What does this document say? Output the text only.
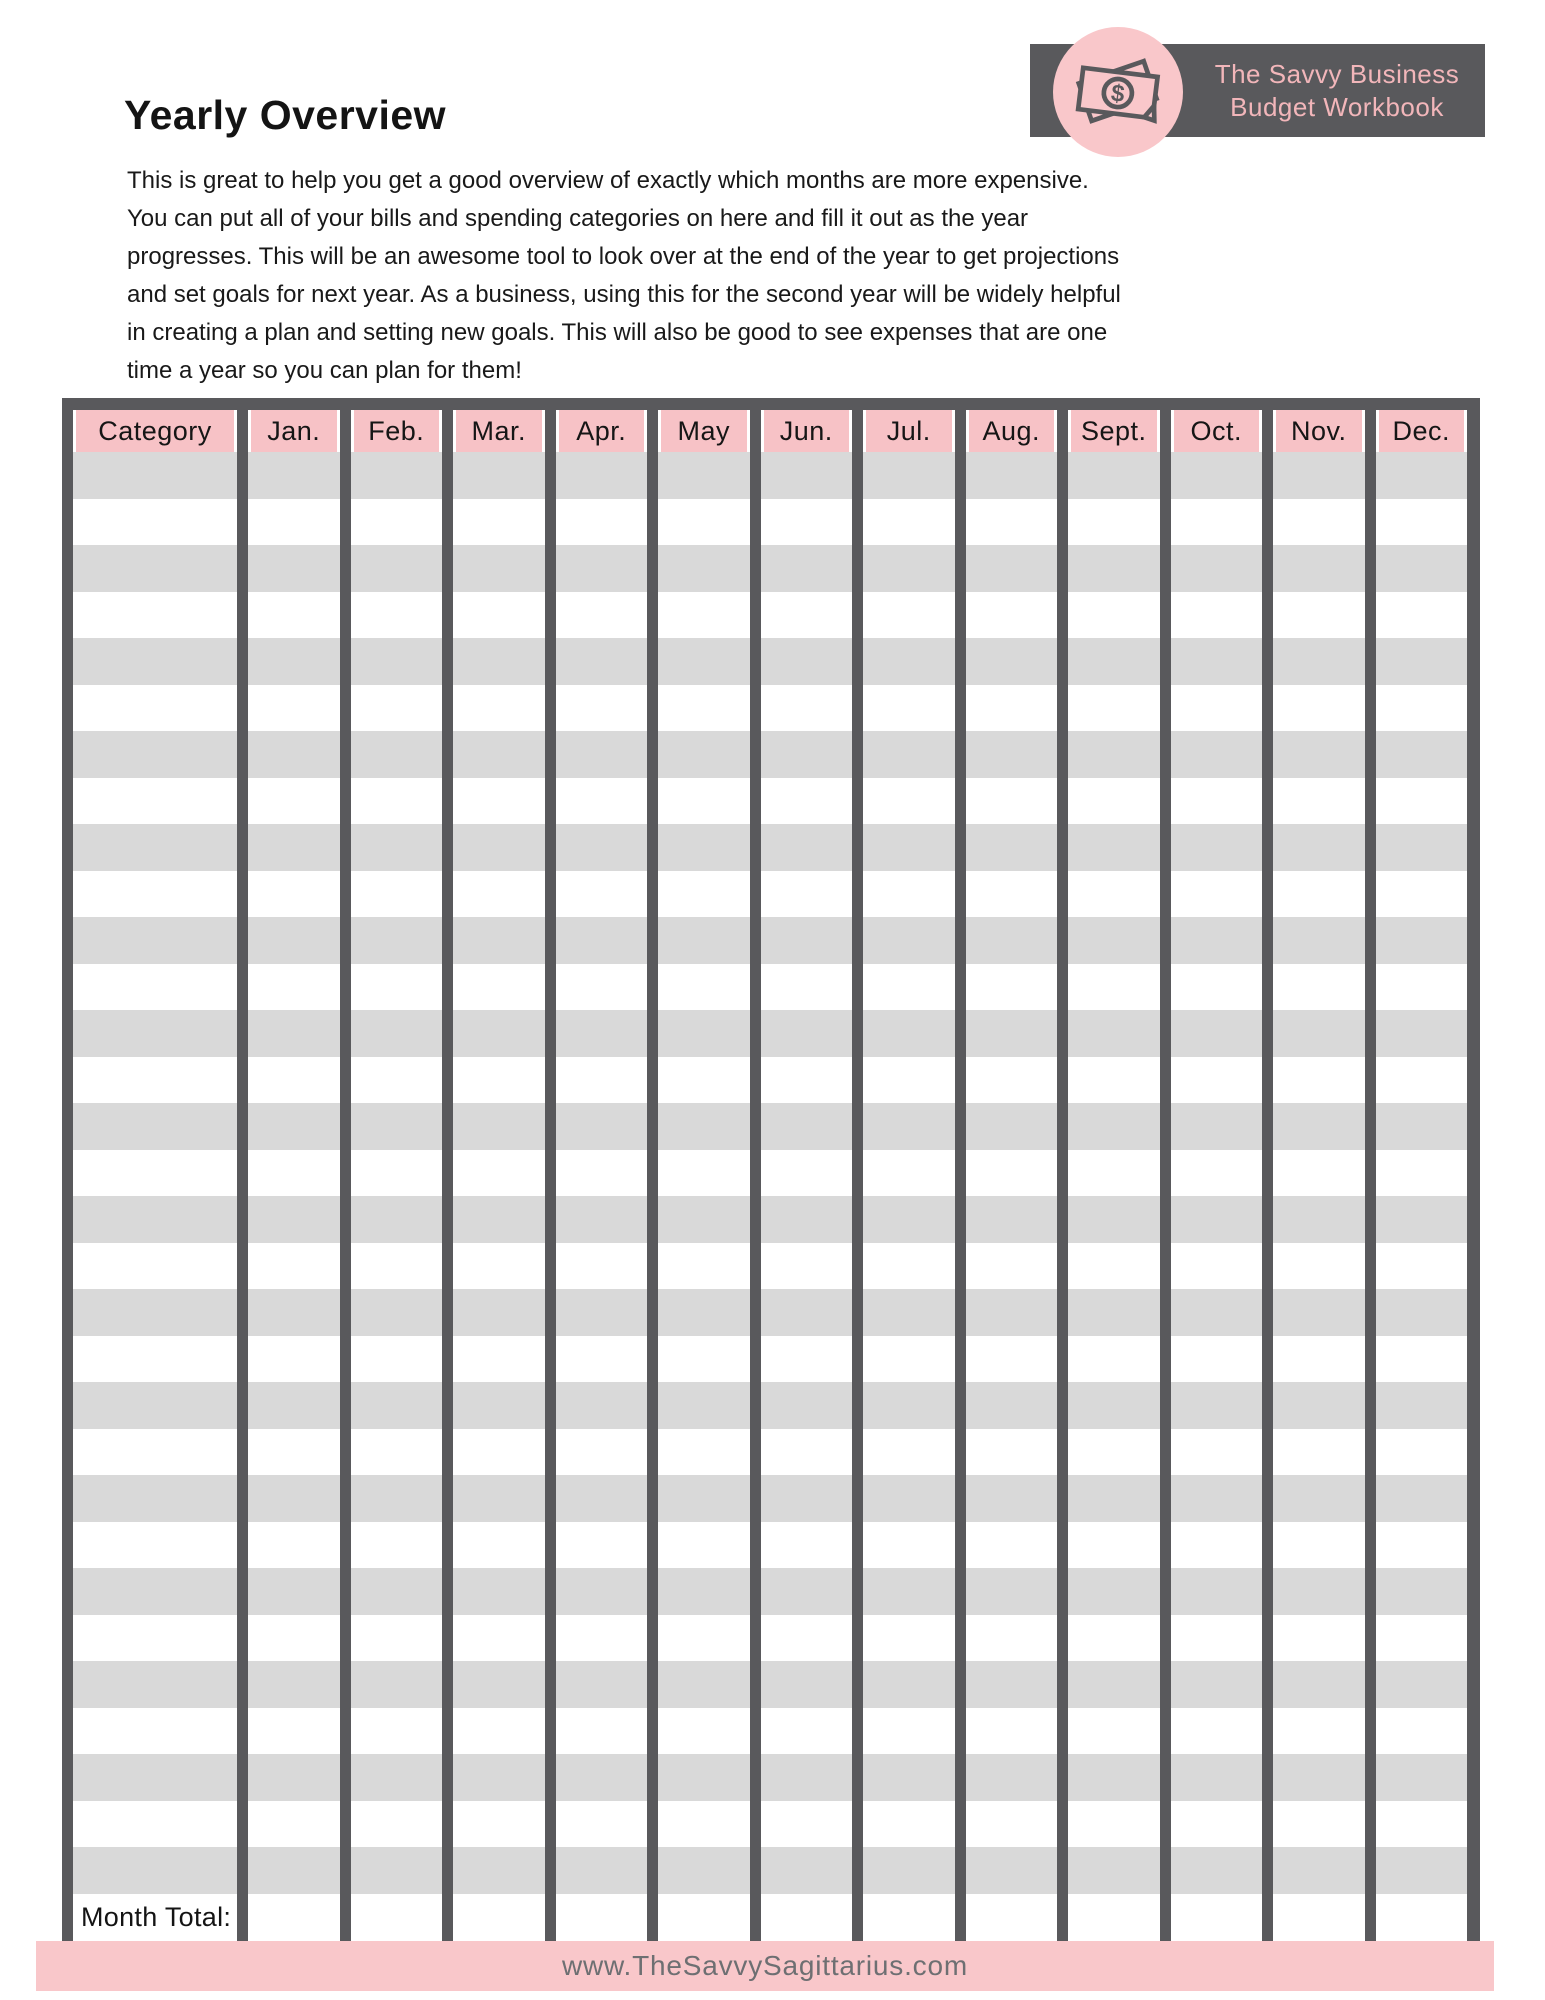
$
The Savvy Business
Budget Workbook
Yearly Overview

This is great to help you get a good overview of exactly which months are more expensive. You can put all of your bills and spending categories on here and fill it out as the year progresses. This will be an awesome tool to look over at the end of the year to get projections and set goals for next year. As a business, using this for the second year will be widely helpful in creating a plan and setting new goals. This will also be good to see expenses that are one time a year so you can plan for them!

Category	Jan.	Feb.	Mar.	Apr.	May	Jun.	Jul.	Aug.	Sept.	Oct.	Nov.	Dec.
Month Total:
www.TheSavvySagittarius.com
